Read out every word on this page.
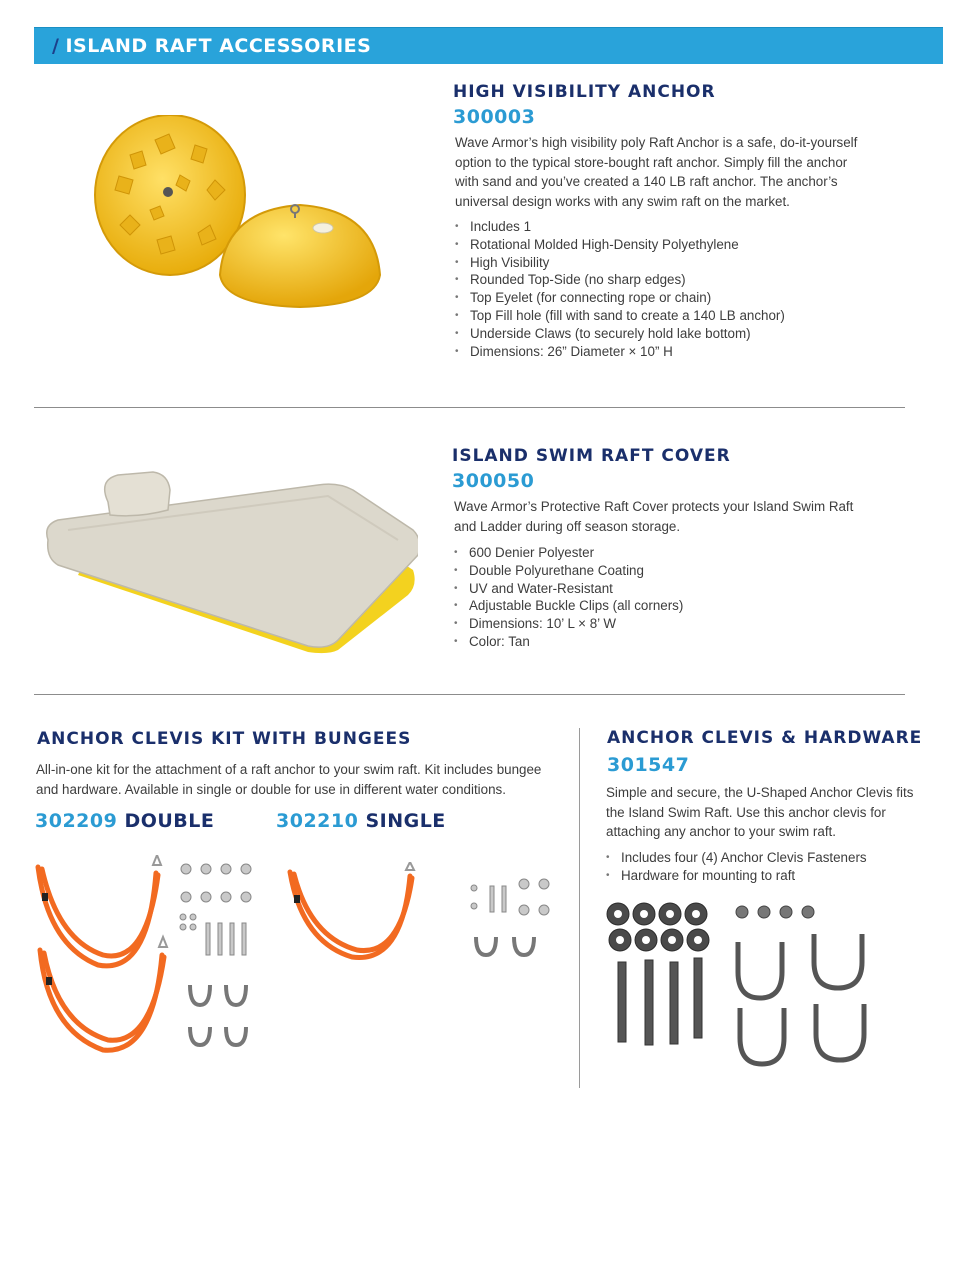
/ ISLAND RAFT ACCESSORIES
HIGH VISIBILITY ANCHOR
300003
Wave Armor’s high visibility poly Raft Anchor is a safe, do-it-yourself option to the typical store-bought raft anchor. Simply fill the anchor with sand and you’ve created a 140 LB raft anchor. The anchor’s universal design works with any swim raft on the market.
• Includes 1
• Rotational Molded High-Density Polyethylene
• High Visibility
• Rounded Top-Side (no sharp edges)
• Top Eyelet (for connecting rope or chain)
• Top Fill hole (fill with sand to create a 140 LB anchor)
• Underside Claws (to securely hold lake bottom)
• Dimensions: 26” Diameter × 10” H
ISLAND SWIM RAFT COVER
300050
Wave Armor’s Protective Raft Cover protects your Island Swim Raft and Ladder during off season storage.
• 600 Denier Polyester
• Double Polyurethane Coating
• UV and Water-Resistant
• Adjustable Buckle Clips (all corners)
• Dimensions: 10’ L × 8’ W
• Color: Tan
ANCHOR CLEVIS KIT WITH BUNGEES
All-in-one kit for the attachment of a raft anchor to your swim raft. Kit includes bungee and hardware. Available in single or double for use in different water conditions.
302209 DOUBLE	302210 SINGLE
ANCHOR CLEVIS & HARDWARE
301547
Simple and secure, the U-Shaped Anchor Clevis fits the Island Swim Raft. Use this anchor clevis for attaching any anchor to your swim raft.
• Includes four (4) Anchor Clevis Fasteners
• Hardware for mounting to raft
